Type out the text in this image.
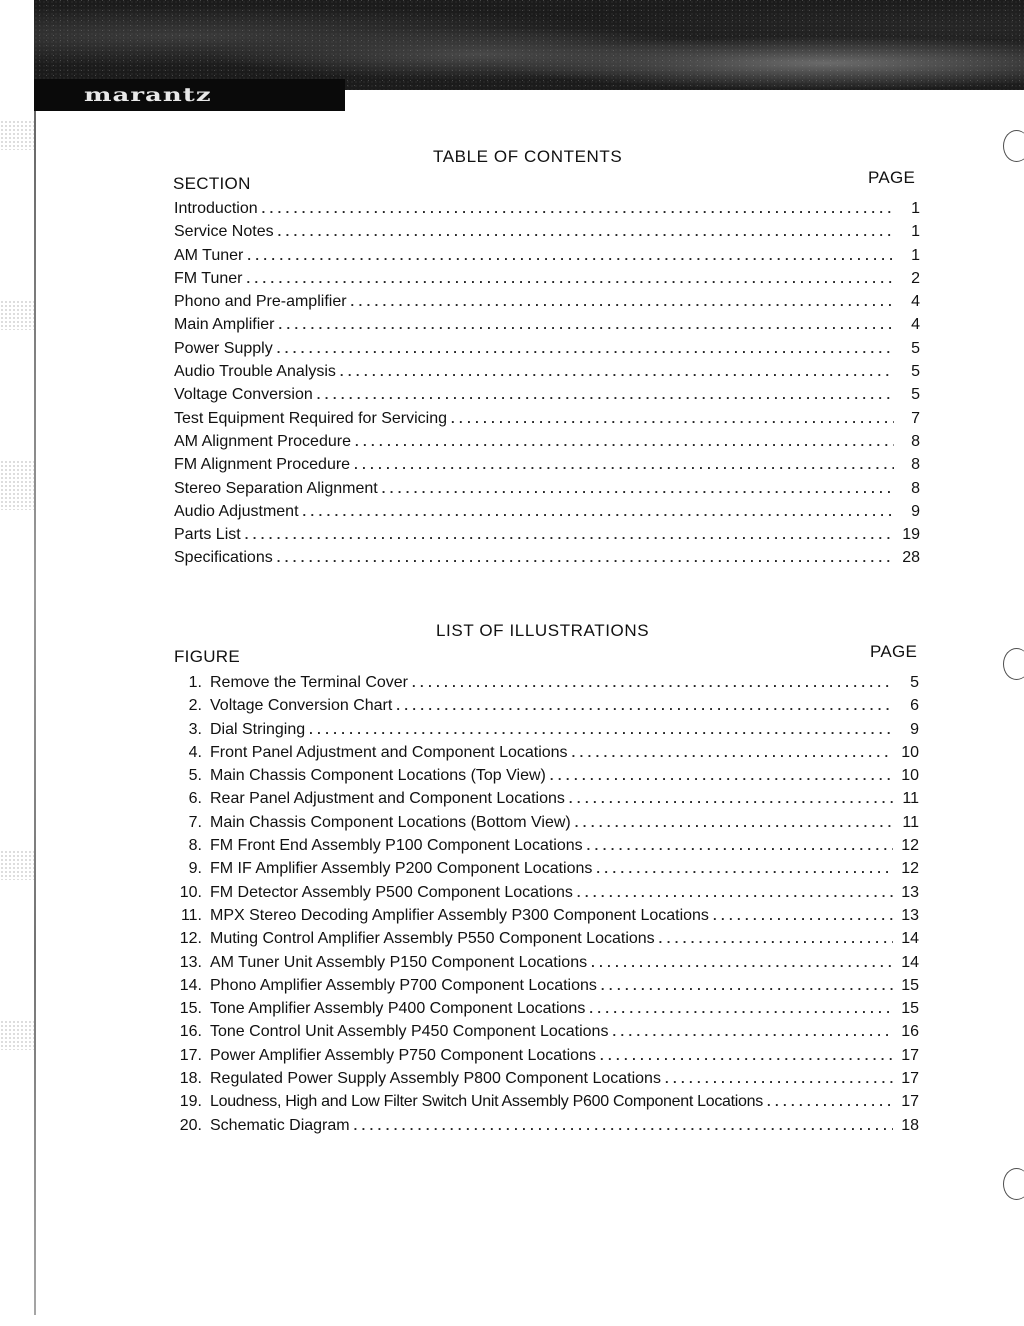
marantz
TABLE OF CONTENTS
SECTION	PAGE
Introduction . . .	1
Service Notes . . .	1
AM Tuner . . .	1
FM Tuner . . .	2
Phono and Pre-amplifier . . .	4
Main Amplifier . . .	4
Power Supply . . .	5
Audio Trouble Analysis . . .	5
Voltage Conversion . . .	5
Test Equipment Required for Servicing . . .	7
AM Alignment Procedure . . .	8
FM Alignment Procedure . . .	8
Stereo Separation Alignment . . .	8
Audio Adjustment . . .	9
Parts List . . .	19
Specifications . . .	28
LIST OF ILLUSTRATIONS
FIGURE	PAGE
1. Remove the Terminal Cover . . .	5
2. Voltage Conversion Chart . . .	6
3. Dial Stringing . . .	9
4. Front Panel Adjustment and Component Locations . . .	10
5. Main Chassis Component Locations (Top View) . . .	10
6. Rear Panel Adjustment and Component Locations . . .	11
7. Main Chassis Component Locations (Bottom View) . . .	11
8. FM Front End Assembly P100 Component Locations . . .	12
9. FM IF Amplifier Assembly P200 Component Locations . . .	12
10. FM Detector Assembly P500 Component Locations . . .	13
11. MPX Stereo Decoding Amplifier Assembly P300 Component Locations . . .	13
12. Muting Control Amplifier Assembly P550 Component Locations . . .	14
13. AM Tuner Unit Assembly P150 Component Locations . . .	14
14. Phono Amplifier Assembly P700 Component Locations . . .	15
15. Tone Amplifier Assembly P400 Component Locations . . .	15
16. Tone Control Unit Assembly P450 Component Locations . . .	16
17. Power Amplifier Assembly P750 Component Locations . . .	17
18. Regulated Power Supply Assembly P800 Component Locations . . .	17
19. Loudness, High and Low Filter Switch Unit Assembly P600 Component Locations . . .	17
20. Schematic Diagram . . .	18
